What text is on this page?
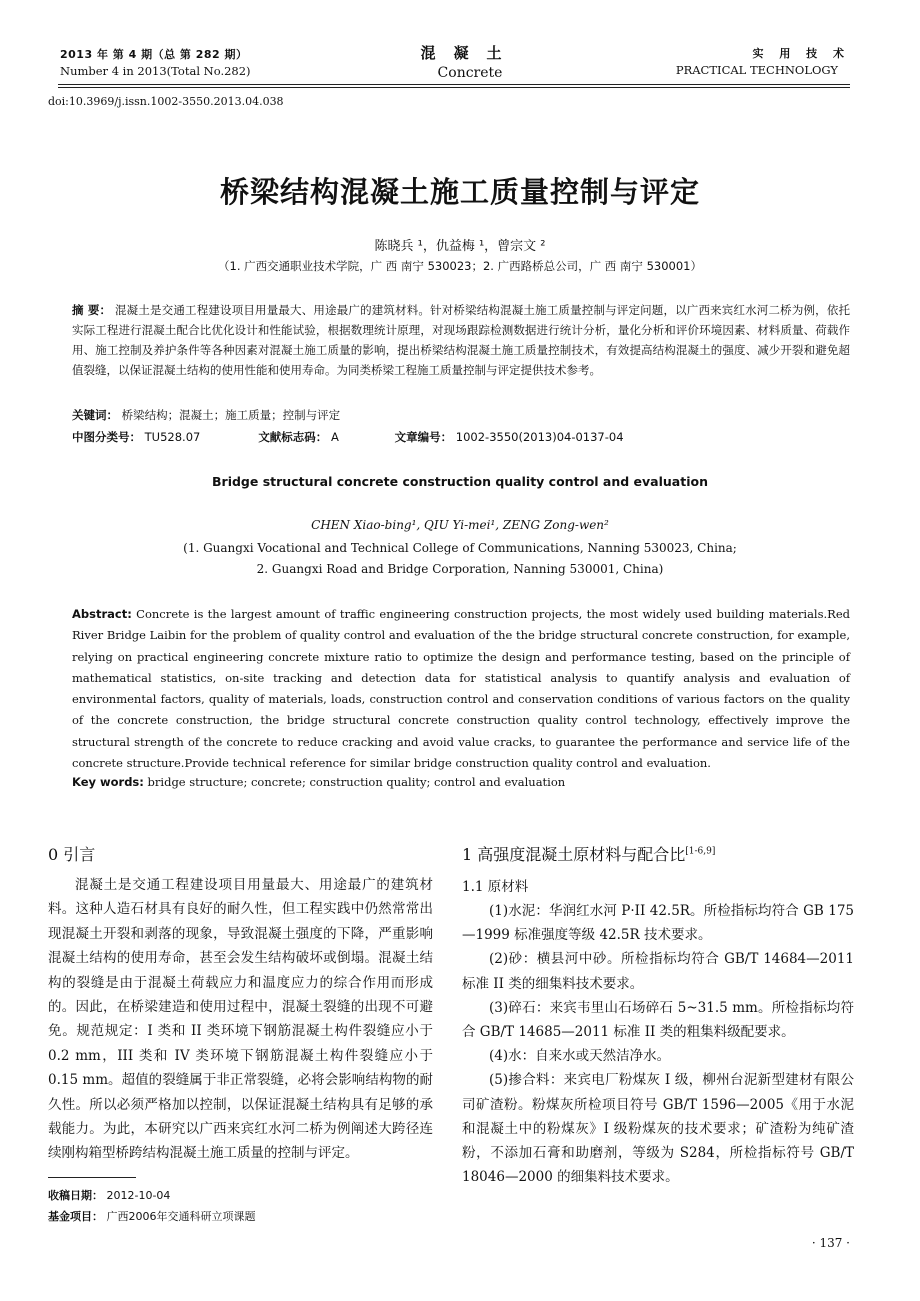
2013 年 第 4 期（总 第 282 期）
Number 4 in 2013(Total No.282)
混凝土
Concrete
实 用 技 术
PRACTICAL TECHNOLOGY
doi:10.3969/j.issn.1002-3550.2013.04.038
桥梁结构混凝土施工质量控制与评定
陈晓兵 ¹，仇益梅 ¹，曾宗文 ²
（1. 广西交通职业技术学院，广 西 南宁 530023；2. 广西路桥总公司，广 西 南宁 530001）
摘 要： 混凝土是交通工程建设项目用量最大、用途最广的建筑材料。针对桥梁结构混凝土施工质量控制与评定问题，以广西来宾红水河二桥为例，依托实际工程进行混凝土配合比优化设计和性能试验，根据数理统计原理，对现场跟踪检测数据进行统计分析，量化分析和评价环境因素、材料质量、荷载作用、施工控制及养护条件等各种因素对混凝土施工质量的影响，提出桥梁结构混凝土施工质量控制技术，有效提高结构混凝土的强度、减少开裂和避免超值裂缝，以保证混凝土结构的使用性能和使用寿命。为同类桥梁工程施工质量控制与评定提供技术参考。
关键词： 桥梁结构；混凝土；施工质量；控制与评定
中图分类号： TU528.07	文献标志码： A	文章编号： 1002-3550(2013)04-0137-04
Bridge structural concrete construction quality control and evaluation
CHEN Xiao-bing¹, QIU Yi-mei¹, ZENG Zong-wen²
(1. Guangxi Vocational and Technical College of Communications, Nanning 530023, China;
2. Guangxi Road and Bridge Corporation, Nanning 530001, China)
Abstract: Concrete is the largest amount of traffic engineering construction projects, the most widely used building materials.Red River Bridge Laibin for the problem of quality control and evaluation of the the bridge structural concrete construction, for example, relying on practical engineering concrete mixture ratio to optimize the design and performance testing, based on the principle of mathematical statistics, on-site tracking and detection data for statistical analysis to quantify analysis and evaluation of environmental factors, quality of materials, loads, construction control and conservation conditions of various factors on the quality of the concrete construction, the bridge structural concrete construction quality control technology, effectively improve the structural strength of the concrete to reduce cracking and avoid value cracks, to guarantee the performance and service life of the concrete structure.Provide technical reference for similar bridge construction quality control and evaluation.
Key words: bridge structure; concrete; construction quality; control and evaluation
0 引言

混凝土是交通工程建设项目用量最大、用途最广的建筑材料。这种人造石材具有良好的耐久性，但工程实践中仍然常常出现混凝土开裂和剥落的现象，导致混凝土强度的下降，严重影响混凝土结构的使用寿命，甚至会发生结构破坏或倒塌。混凝土结构的裂缝是由于混凝土荷载应力和温度应力的综合作用而形成的。因此，在桥梁建造和使用过程中，混凝土裂缝的出现不可避免。规范规定：I 类和 II 类环境下钢筋混凝土构件裂缝应小于 0.2 mm，III 类和 IV 类环境下钢筋混凝土构件裂缝应小于 0.15 mm。超值的裂缝属于非正常裂缝，必将会影响结构物的耐久性。所以必须严格加以控制，以保证混凝土结构具有足够的承载能力。为此，本研究以广西来宾红水河二桥为例阐述大跨径连续刚构箱型桥跨结构混凝土施工质量的控制与评定。

收稿日期： 2012-10-04
基金项目： 广西2006年交通科研立项课题
1 高强度混凝土原材料与配合比[1-6,9]
1.1 原材料

(1)水泥：华润红水河 P·II 42.5R。所检指标均符合 GB 175—1999 标准强度等级 42.5R 技术要求。

(2)砂：横县河中砂。所检指标均符合 GB/T 14684—2011 标准 II 类的细集料技术要求。

(3)碎石：来宾韦里山石场碎石 5~31.5 mm。所检指标均符合 GB/T 14685—2011 标准 II 类的粗集料级配要求。

(4)水：自来水或天然洁净水。

(5)掺合料：来宾电厂粉煤灰 I 级，柳州台泥新型建材有限公司矿渣粉。粉煤灰所检项目符号 GB/T 1596—2005《用于水泥和混凝土中的粉煤灰》I 级粉煤灰的技术要求；矿渣粉为纯矿渣粉，不添加石膏和助磨剂，等级为 S284，所检指标符号 GB/T 18046—2000 的细集料技术要求。

· 137 ·
